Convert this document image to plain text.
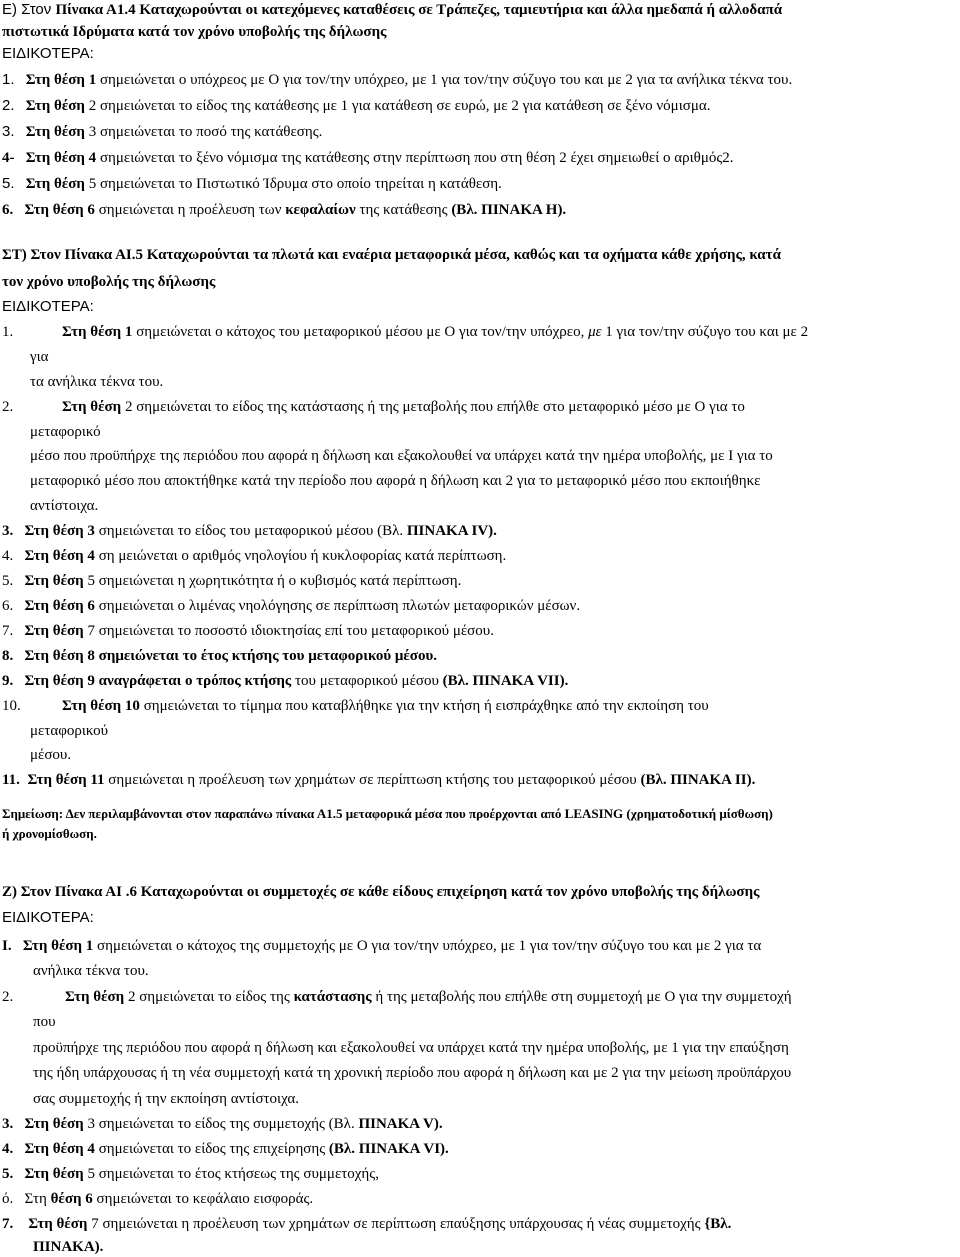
Ε) Στον Πίνακα Α1.4 Καταχωρούνται οι κατεχόμενες καταθέσεις σε Τράπεζες, ταμιευτήρια και άλλα ημεδαπά ή αλλοδαπά
πιστωτικά Ιδρύματα κατά τον χρόνο υποβολής της δήλωσης
ΕΙΔΙΚΟΤΕΡΑ:
1. Στη θέση 1 σημειώνεται ο υπόχρεος με Ο για τον/την υπόχρεο, με 1 για τον/την σύζυγο του και με 2 για τα ανήλικα τέκνα του.
2. Στη θέση 2 σημειώνεται το είδος της κατάθεσης με 1 για κατάθεση σε ευρώ, με 2 για κατάθεση σε ξένο νόμισμα.
3. Στη θέση 3 σημειώνεται το ποσό της κατάθεσης.
4- Στη θέση 4 σημειώνεται το ξένο νόμισμα της κατάθεσης στην περίπτωση που στη θέση 2 έχει σημειωθεί ο αριθμός2.
5. Στη θέση 5 σημειώνεται το Πιστωτικό Ίδρυμα στο οποίο τηρείται η κατάθεση.
6. Στη θέση 6 σημειώνεται η προέλευση των κεφαλαίων της κατάθεσης (Βλ. ΠΙΝΑΚΑ Η).
ΣΤ) Στον Πίνακα ΑΙ.5 Καταχωρούνται τα πλωτά και εναέρια μεταφορικά μέσα, καθώς και τα οχήματα κάθε χρήσης, κατά
τον χρόνο υποβολής της δήλωσης
ΕΙΔΙΚΟΤΕΡΑ:
1.	Στη θέση 1 σημειώνεται ο κάτοχος του μεταφορικού μέσου με Ο για τον/την υπόχρεο, με 1 για τον/την σύζυγο του και με 2
για
τα ανήλικα τέκνα του.
2.	Στη θέση 2 σημειώνεται το είδος της κατάστασης ή της μεταβολής που επήλθε στο μεταφορικό μέσο με Ο για το
μεταφορικό
μέσο που προϋπήρχε της περιόδου που αφορά η δήλωση και εξακολουθεί να υπάρχει κατά την ημέρα υποβολής, με Ι για το
μεταφορικό μέσο που αποκτήθηκε κατά την περίοδο που αφορά η δήλωση και 2 για το μεταφορικό μέσο που εκποιήθηκε
αντίστοιχα.
3. Στη θέση 3 σημειώνεται το είδος του μεταφορικού μέσου (Βλ. ΠΙΝΑΚΑ IV).
4. Στη θέση 4 ση μειώνεται ο αριθμός νηολογίου ή κυκλοφορίας κατά περίπτωση.
5. Στη θέση 5 σημειώνεται η χωρητικότητα ή ο κυβισμός κατά περίπτωση.
6. Στη θέση 6 σημειώνεται ο λιμένας νηολόγησης σε περίπτωση πλωτών μεταφορικών μέσων.
7. Στη θέση 7 σημειώνεται το ποσοστό ιδιοκτησίας επί του μεταφορικού μέσου.
8. Στη θέση 8 σημειώνεται το έτος κτήσης του μεταφορικού μέσου.
9. Στη θέση 9 αναγράφεται ο τρόπος κτήσης του μεταφορικού μέσου (Βλ. ΠΙΝΑΚΑ VII).
10.	Στη θέση 10 σημειώνεται το τίμημα που καταβλήθηκε για την κτήση ή εισπράχθηκε από την εκποίηση του
μεταφορικού
μέσου.
11. Στη θέση 11 σημειώνεται η προέλευση των χρημάτων σε περίπτωση κτήσης του μεταφορικού μέσου (Βλ. ΠΙΝΑΚΑ ΙΙ).
Σημείωση: Δεν περιλαμβάνονται στον παραπάνω πίνακα Α1.5 μεταφορικά μέσα που προέρχονται από LEASING (χρηματοδοτική μίσθωση)
ή χρονομίσθωση.
Ζ) Στον Πίνακα ΑΙ .6 Καταχωρούνται οι συμμετοχές σε κάθε είδους επιχείρηση κατά τον χρόνο υποβολής της δήλωσης
ΕΙΔΙΚΟΤΕΡΑ:
Ι. Στη θέση 1 σημειώνεται ο κάτοχος της συμμετοχής με Ο για τον/την υπόχρεο, με 1 για τον/την σύζυγο του και με 2 για τα
ανήλικα τέκνα του.
2.	Στη θέση 2 σημειώνεται το είδος της κατάστασης ή της μεταβολής που επήλθε στη συμμετοχή με Ο για την συμμετοχή
που
προϋπήρχε της περιόδου που αφορά η δήλωση και εξακολουθεί να υπάρχει κατά την ημέρα υποβολής, με 1 για την επαύξηση
της ήδη υπάρχουσας ή τη νέα συμμετοχή κατά τη χρονική περίοδο που αφορά η δήλωση και με 2 για την μείωση προϋπάρχου
σας συμμετοχής ή την εκποίηση αντίστοιχα.
3. Στη θέση 3 σημειώνεται το είδος της συμμετοχής (Βλ. ΠΙΝΑΚΑ V).
4. Στη θέση 4 σημειώνεται το είδος της επιχείρησης (Βλ. ΠΙΝΑΚΑ VI).
5. Στη θέση 5 σημειώνεται το έτος κτήσεως της συμμετοχής,
ό. Στη θέση 6 σημειώνεται το κεφάλαιο εισφοράς.
7. Στη θέση 7 σημειώνεται η προέλευση των χρημάτων σε περίπτωση επαύξησης υπάρχουσας ή νέας συμμετοχής {Βλ.
ΠΙΝΑΚΑ).
